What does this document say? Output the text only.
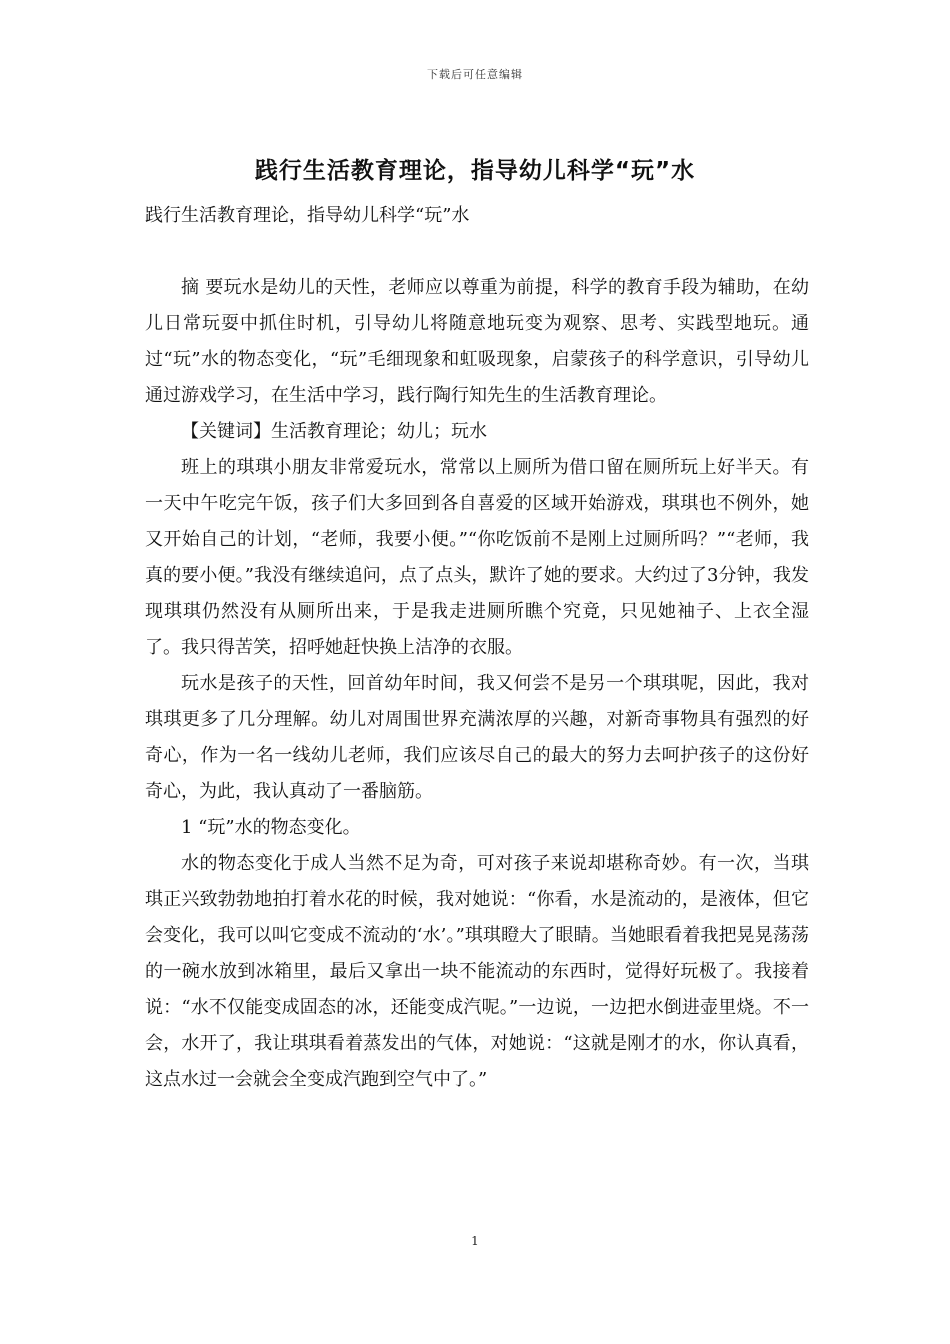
下载后可任意编辑
践行生活教育理论，指导幼儿科学“玩”水

践行生活教育理论，指导幼儿科学“玩”水

摘 要玩水是幼儿的天性，老师应以尊重为前提，科学的教育手段为辅助，在幼儿日常玩耍中抓住时机，引导幼儿将随意地玩变为观察、思考、实践型地玩。通过“玩”水的物态变化，“玩”毛细现象和虹吸现象，启蒙孩子的科学意识，引导幼儿通过游戏学习，在生活中学习，践行陶行知先生的生活教育理论。

【关键词】生活教育理论；幼儿；玩水

班上的琪琪小朋友非常爱玩水，常常以上厕所为借口留在厕所玩上好半天。有一天中午吃完午饭，孩子们大多回到各自喜爱的区域开始游戏，琪琪也不例外，她又开始自己的计划，“老师，我要小便。”“你吃饭前不是刚上过厕所吗？”“老师，我真的要小便。”我没有继续追问，点了点头，默许了她的要求。大约过了3分钟，我发现琪琪仍然没有从厕所出来，于是我走进厕所瞧个究竟，只见她袖子、上衣全湿了。我只得苦笑，招呼她赶快换上洁净的衣服。

玩水是孩子的天性，回首幼年时间，我又何尝不是另一个琪琪呢，因此，我对琪琪更多了几分理解。幼儿对周围世界充满浓厚的兴趣，对新奇事物具有强烈的好奇心，作为一名一线幼儿老师，我们应该尽自己的最大的努力去呵护孩子的这份好奇心，为此，我认真动了一番脑筋。

1 “玩”水的物态变化。

水的物态变化于成人当然不足为奇，可对孩子来说却堪称奇妙。有一次，当琪琪正兴致勃勃地拍打着水花的时候，我对她说：“你看，水是流动的，是液体，但它会变化，我可以叫它变成不流动的‘水’。”琪琪瞪大了眼睛。当她眼看着我把晃晃荡荡的一碗水放到冰箱里，最后又拿出一块不能流动的东西时，觉得好玩极了。我接着说：“水不仅能变成固态的冰，还能变成汽呢。”一边说，一边把水倒进壶里烧。不一会，水开了，我让琪琪看着蒸发出的气体，对她说：“这就是刚才的水，你认真看，这点水过一会就会全变成汽跑到空气中了。”

1
